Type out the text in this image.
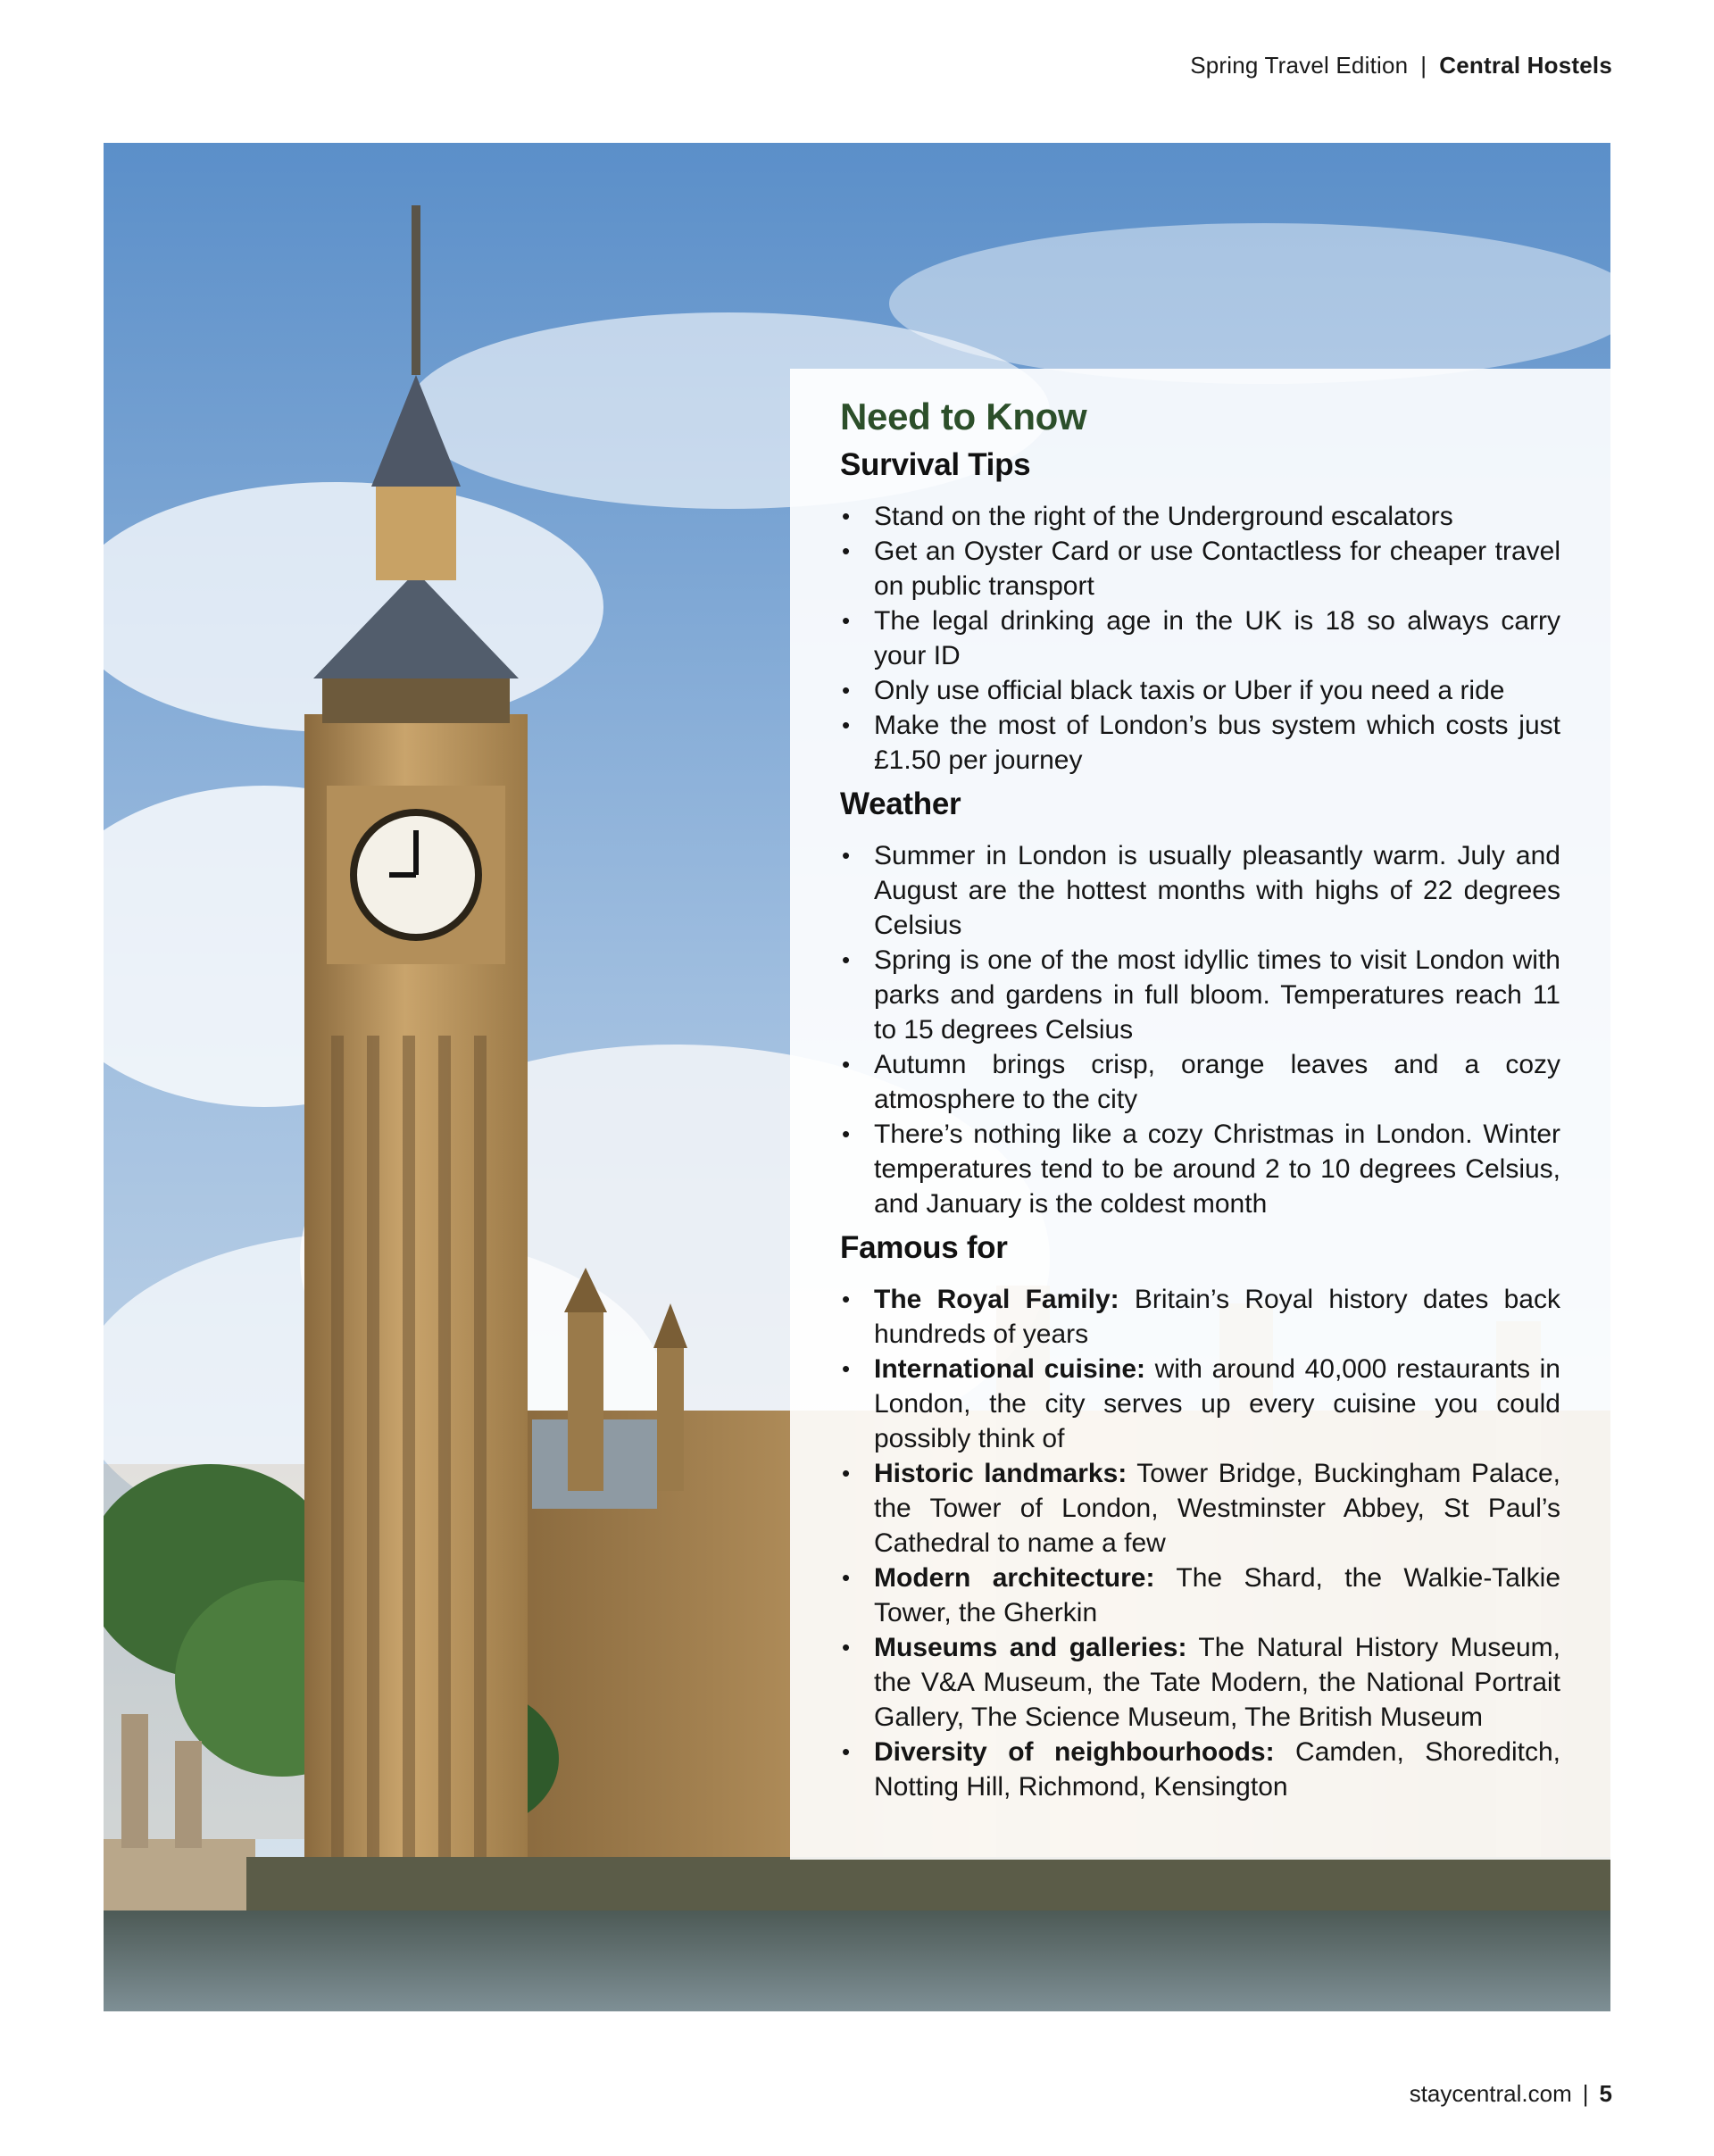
Spring Travel Edition | Central Hostels
Need to Know
Survival Tips
• Stand on the right of the Underground escalators
• Get an Oyster Card or use Contactless for cheaper travel on public transport
• The legal drinking age in the UK is 18 so always carry your ID
• Only use official black taxis or Uber if you need a ride
• Make the most of London’s bus system which costs just £1.50 per journey
Weather
• Summer in London is usually pleasantly warm. July and August are the hottest months with highs of 22 degrees Celsius
• Spring is one of the most idyllic times to visit London with parks and gardens in full bloom. Temperatures reach 11 to 15 degrees Celsius
• Autumn brings crisp, orange leaves and a cozy atmosphere to the city
• There’s nothing like a cozy Christmas in London. Winter temperatures tend to be around 2 to 10 degrees Celsius, and January is the coldest month
Famous for
• The Royal Family: Britain’s Royal history dates back hundreds of years
• International cuisine: with around 40,000 restaurants in London, the city serves up every cuisine you could possibly think of
• Historic landmarks: Tower Bridge, Buckingham Palace, the Tower of London, Westminster Abbey, St Paul’s Cathedral to name a few
• Modern architecture: The Shard, the Walkie-Talkie Tower, the Gherkin
• Museums and galleries: The Natural History Museum, the V&A Museum, the Tate Modern, the National Portrait Gallery, The Science Museum, The British Museum
• Diversity of neighbourhoods: Camden, Shoreditch, Notting Hill, Richmond, Kensington
staycentral.com | 5
